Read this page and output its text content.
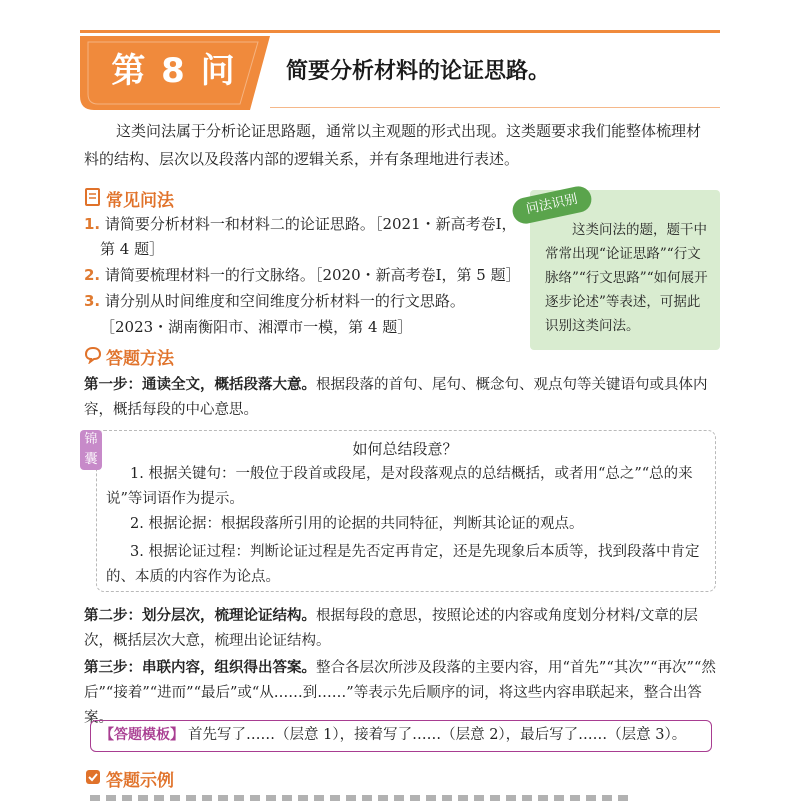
第 8 问	简要分析材料的论证思路。
这类问法属于分析论证思路题，通常以主观题的形式出现。这类题要求我们能整体梳理材料的结构、层次以及段落内部的逻辑关系，并有条理地进行表述。
常见问法
1. 请简要分析材料一和材料二的论证思路。［2021・新高考卷Ⅰ，
第 4 题］
2. 请简要梳理材料一的行文脉络。［2020・新高考卷Ⅰ，第 5 题］
3. 请分别从时间维度和空间维度分析材料一的行文思路。
［2023・湖南衡阳市、湘潭市一模，第 4 题］
问法识别
这类问法的题，题干中常常出现“论证思路”“行文脉络”“行文思路”“如何展开逐步论述”等表述，可据此识别这类问法。
答题方法
第一步：通读全文，概括段落大意。根据段落的首句、尾句、概念句、观点句等关键语句或具体内容，概括每段的中心意思。
锦囊
如何总结段意？
1. 根据关键句：一般位于段首或段尾，是对段落观点的总结概括，或者用“总之”“总的来说”等词语作为提示。
2. 根据论据：根据段落所引用的论据的共同特征，判断其论证的观点。
3. 根据论证过程：判断论证过程是先否定再肯定，还是先现象后本质等，找到段落中肯定的、本质的内容作为论点。
第二步：划分层次，梳理论证结构。根据每段的意思，按照论述的内容或角度划分材料/文章的层次，概括层次大意，梳理出论证结构。
第三步：串联内容，组织得出答案。整合各层次所涉及段落的主要内容，用“首先”“其次”“再次”“然后”“接着”“进而”“最后”或“从……到……”等表示先后顺序的词，将这些内容串联起来，整合出答案。
【答题模板】 首先写了……（层意 1），接着写了……（层意 2），最后写了……（层意 3）。
答题示例
